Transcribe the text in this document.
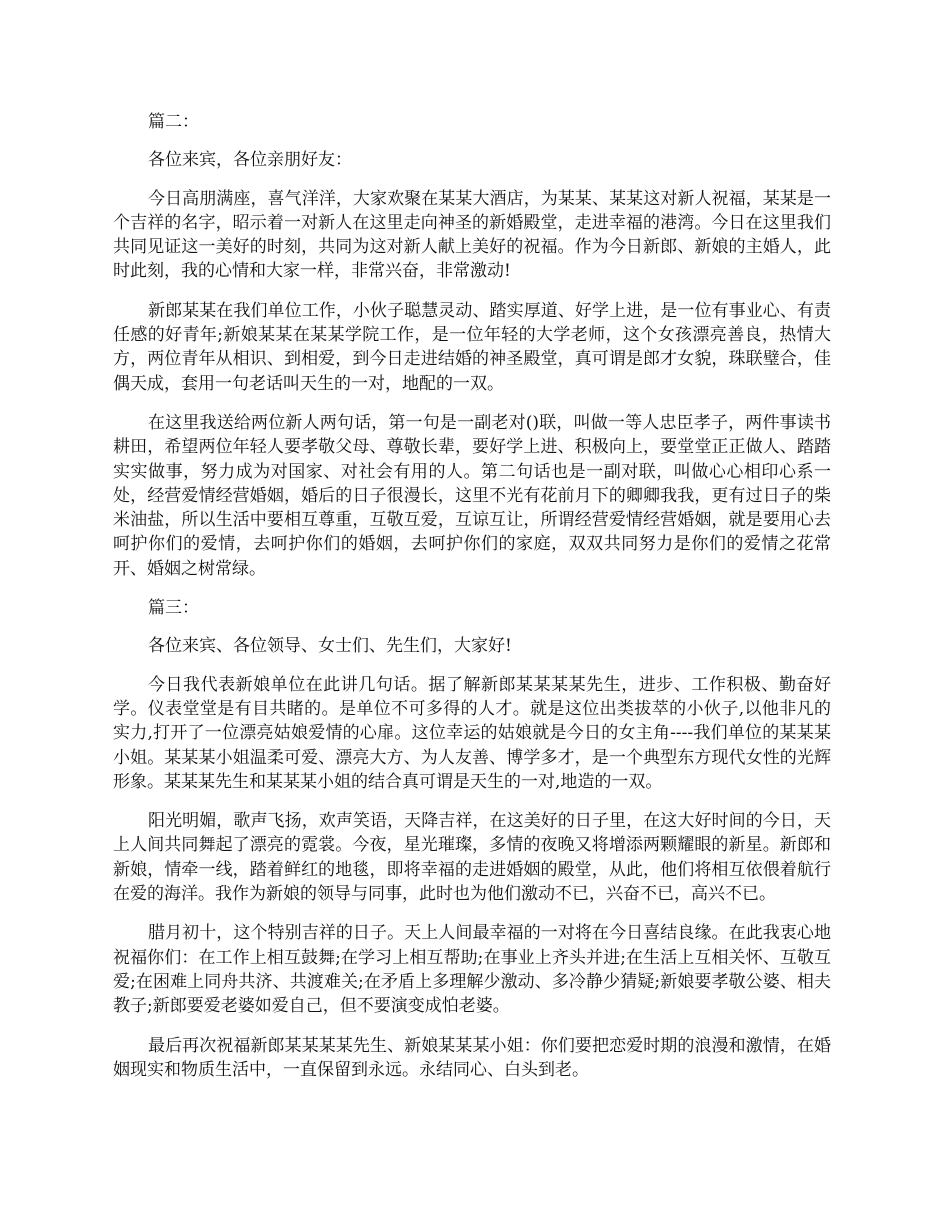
篇二：

各位来宾，各位亲朋好友：

今日高朋满座，喜气洋洋，大家欢聚在某某大酒店，为某某、某某这对新人祝福，某某是一个吉祥的名字，昭示着一对新人在这里走向神圣的新婚殿堂，走进幸福的港湾。今日在这里我们共同见证这一美好的时刻，共同为这对新人献上美好的祝福。作为今日新郎、新娘的主婚人，此时此刻，我的心情和大家一样，非常兴奋，非常激动!

新郎某某在我们单位工作，小伙子聪慧灵动、踏实厚道、好学上进，是一位有事业心、有责任感的好青年;新娘某某在某某学院工作，是一位年轻的大学老师，这个女孩漂亮善良，热情大方，两位青年从相识、到相爱，到今日走进结婚的神圣殿堂，真可谓是郎才女貌，珠联璧合，佳偶天成，套用一句老话叫天生的一对，地配的一双。

在这里我送给两位新人两句话，第一句是一副老对()联，叫做一等人忠臣孝子，两件事读书耕田，希望两位年轻人要孝敬父母、尊敬长辈，要好学上进、积极向上，要堂堂正正做人、踏踏实实做事，努力成为对国家、对社会有用的人。第二句话也是一副对联，叫做心心相印心系一处，经营爱情经营婚姻，婚后的日子很漫长，这里不光有花前月下的卿卿我我，更有过日子的柴米油盐，所以生活中要相互尊重，互敬互爱，互谅互让，所谓经营爱情经营婚姻，就是要用心去呵护你们的爱情，去呵护你们的婚姻，去呵护你们的家庭，双双共同努力是你们的爱情之花常开、婚姻之树常绿。

篇三：

各位来宾、各位领导、女士们、先生们，大家好!

今日我代表新娘单位在此讲几句话。据了解新郎某某某某先生，进步、工作积极、勤奋好学。仪表堂堂是有目共睹的。是单位不可多得的人才。就是这位出类拔萃的小伙子,以他非凡的实力,打开了一位漂亮姑娘爱情的心扉。这位幸运的姑娘就是今日的女主角----我们单位的某某某小姐。某某某小姐温柔可爱、漂亮大方、为人友善、博学多才，是一个典型东方现代女性的光辉形象。某某某先生和某某某小姐的结合真可谓是天生的一对,地造的一双。

阳光明媚，歌声飞扬，欢声笑语，天降吉祥，在这美好的日子里，在这大好时间的今日，天上人间共同舞起了漂亮的霓裳。今夜，星光璀璨，多情的夜晚又将增添两颗耀眼的新星。新郎和新娘，情牵一线，踏着鲜红的地毯，即将幸福的走进婚姻的殿堂，从此，他们将相互依偎着航行在爱的海洋。我作为新娘的领导与同事，此时也为他们激动不已，兴奋不已，高兴不已。

腊月初十，这个特别吉祥的日子。天上人间最幸福的一对将在今日喜结良缘。在此我衷心地祝福你们：在工作上相互鼓舞;在学习上相互帮助;在事业上齐头并进;在生活上互相关怀、互敬互爱;在困难上同舟共济、共渡难关;在矛盾上多理解少激动、多冷静少猜疑;新娘要孝敬公婆、相夫教子;新郎要爱老婆如爱自己，但不要演变成怕老婆。

最后再次祝福新郎某某某某先生、新娘某某某小姐：你们要把恋爱时期的浪漫和激情，在婚姻现实和物质生活中，一直保留到永远。永结同心、白头到老。
